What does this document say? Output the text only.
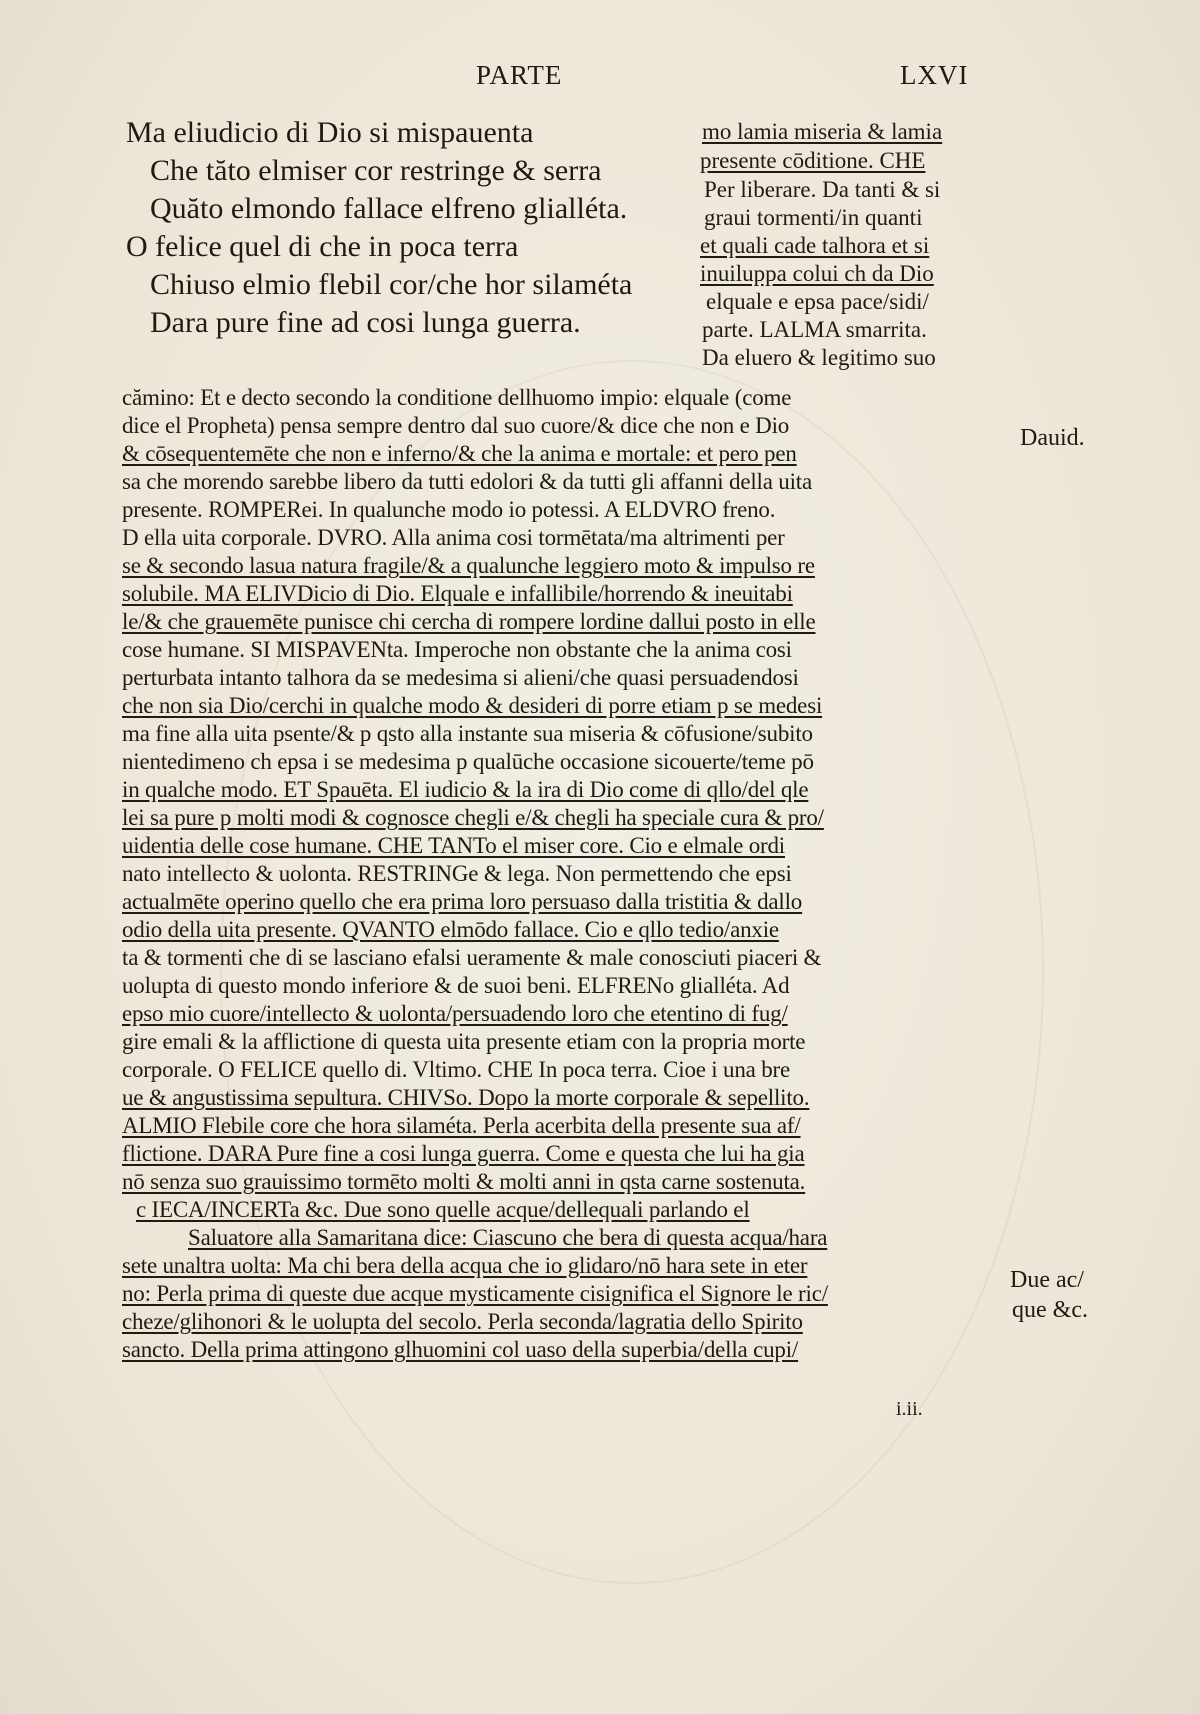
PARTE	LXVI
Ma eliudicio di Dio si mispauenta
Che tăto elmiser cor restringe & serra
Quăto elmondo fallace elfreno glialléta.
O felice quel di che in poca terra
Chiuso elmio flebil cor/che hor silaméta
Dara pure fine ad cosi lunga guerra.
mo lamia miseria & lamia
presente cōditione. CHE
Per liberare. Da tanti & si
graui tormenti/in quanti
et quali cade talhora et si
inuiluppa colui ch da Dio
elquale e epsa pace/sidi/
parte. LALMA smarrita.
Da eluero & legitimo suo
cămino: Et e decto secondo la conditione dellhuomo impio: elquale (come
dice el Propheta) pensa sempre dentro dal suo cuore/& dice che non e Dio
& cōsequentemēte che non e inferno/& che la anima e mortale: et pero pen
sa che morendo sarebbe libero da tutti edolori & da tutti gli affanni della uita
presente. ROMPERei. In qualunche modo io potessi. A ELDVRO freno.
D ella uita corporale. DVRO. Alla anima cosi tormētata/ma altrimenti per
se & secondo lasua natura fragile/& a qualunche leggiero moto & impulso re
solubile. MA ELIVDicio di Dio. Elquale e infallibile/horrendo & ineuitabi
le/& che grauemēte punisce chi cercha di rompere lordine dallui posto in elle
cose humane. SI MISPAVENta. Imperoche non obstante che la anima cosi
perturbata intanto talhora da se medesima si alieni/che quasi persuadendosi
che non sia Dio/cerchi in qualche modo & desideri di porre etiam p se medesi
ma fine alla uita psente/& p qsto alla instante sua miseria & cōfusione/subito
nientedimeno ch epsa i se medesima p qualūche occasione sicouerte/teme pō
in qualche modo. ET Spauēta. El iudicio & la ira di Dio come di qllo/del qle
lei sa pure p molti modi & cognosce chegli e/& chegli ha speciale cura & pro/
uidentia delle cose humane. CHE TANTo el miser core. Cio e elmale ordi
nato intellecto & uolonta. RESTRINGe & lega. Non permettendo che epsi
actualmēte operino quello che era prima loro persuaso dalla tristitia & dallo
odio della uita presente. QVANTO elmōdo fallace. Cio e qllo tedio/anxie
ta & tormenti che di se lasciano efalsi ueramente & male conosciuti piaceri &
uolupta di questo mondo inferiore & de suoi beni. ELFRENo glialléta. Ad
epso mio cuore/intellecto & uolonta/persuadendo loro che etentino di fug/
gire emali & la afflictione di questa uita presente etiam con la propria morte
corporale. O FELICE quello di. Vltimo. CHE In poca terra. Cioe i una bre
ue & angustissima sepultura. CHIVSo. Dopo la morte corporale & sepellito.
ALMIO Flebile core che hora silaméta. Perla acerbita della presente sua af/
flictione. DARA Pure fine a cosi lunga guerra. Come e questa che lui ha gia
nō senza suo grauissimo tormēto molti & molti anni in qsta carne sostenuta.
c IECA/INCERTa &c. Due sono quelle acque/dellequali parlando el
Saluatore alla Samaritana dice: Ciascuno che bera di questa acqua/hara
sete unaltra uolta: Ma chi bera della acqua che io glidaro/nō hara sete in eter
no: Perla prima di queste due acque mysticamente cisignifica el Signore le ric/
cheze/glihonori & le uolupta del secolo. Perla seconda/lagratia dello Spirito
sancto. Della prima attingono glhuomini col uaso della superbia/della cupi/
Dauid.
Due ac/
que &c.
i.ii.
